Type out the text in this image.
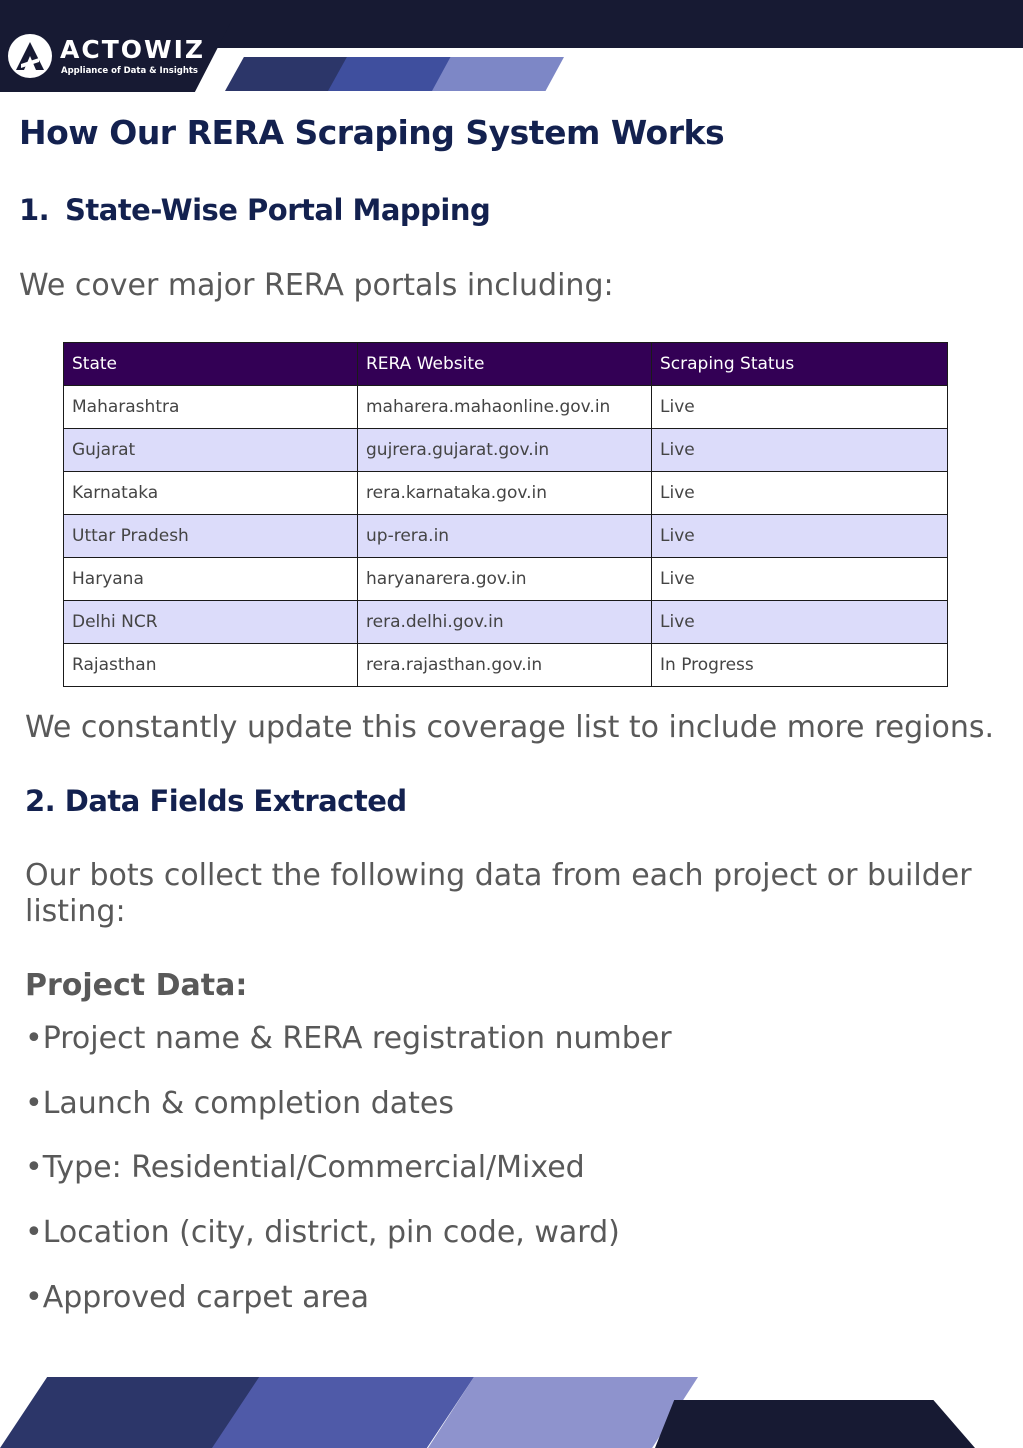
ACTOWIZ
Appliance of Data & Insights
How Our RERA Scraping System Works
1. State-Wise Portal Mapping

We cover major RERA portals including:

State	RERA Website	Scraping Status
Maharashtra	maharera.mahaonline.gov.in	Live
Gujarat	gujrera.gujarat.gov.in	Live
Karnataka	rera.karnataka.gov.in	Live
Uttar Pradesh	up-rera.in	Live
Haryana	haryanarera.gov.in	Live
Delhi NCR	rera.delhi.gov.in	Live
Rajasthan	rera.rajasthan.gov.in	In Progress

We constantly update this coverage list to include more regions.

2. Data Fields Extracted

Our bots collect the following data from each project or builder listing:

Project Data:
•Project name & RERA registration number
•Launch & completion dates
•Type: Residential/Commercial/Mixed
•Location (city, district, pin code, ward)
•Approved carpet area
